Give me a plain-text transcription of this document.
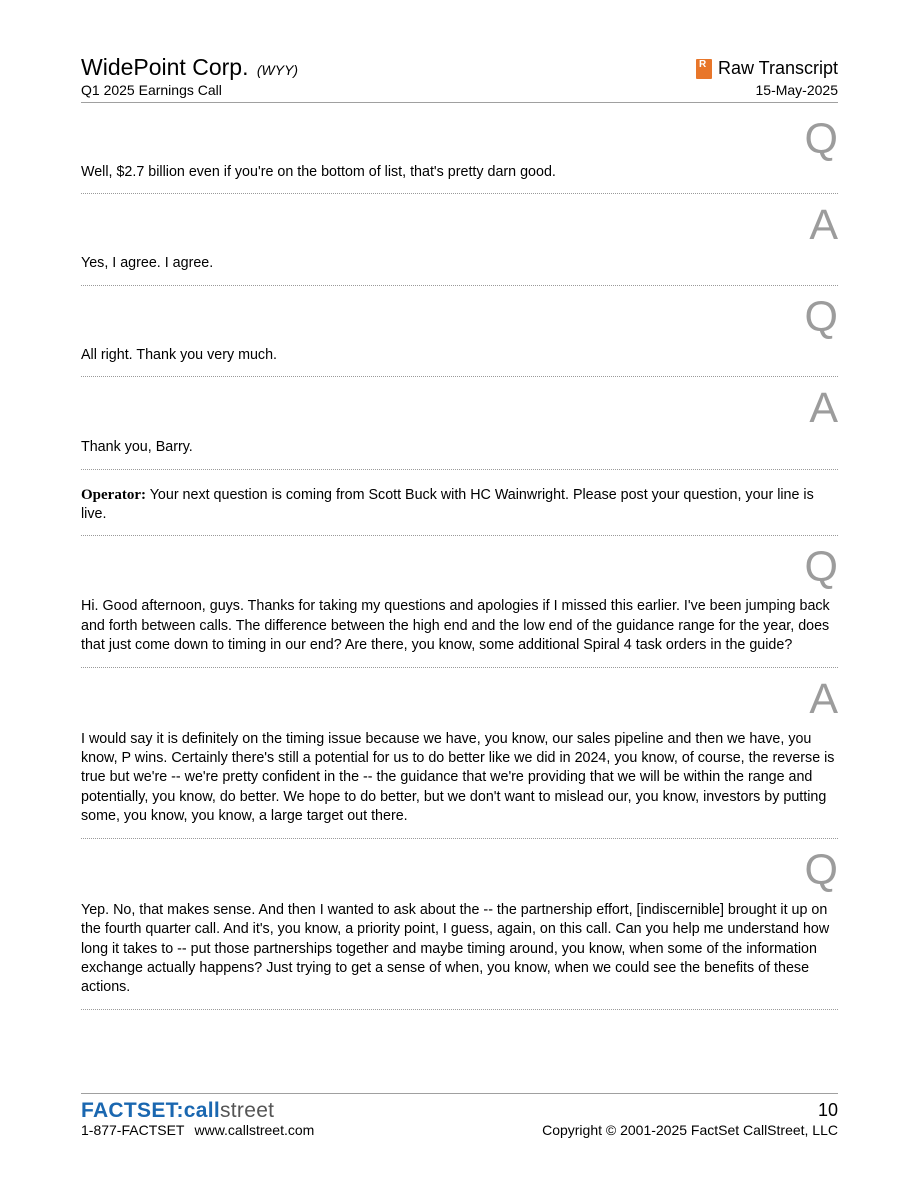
WidePoint Corp. (WYY)
Q1 2025 Earnings Call
R Raw Transcript
15-May-2025
Q

Well, $2.7 billion even if you're on the bottom of list, that's pretty darn good.

A

Yes, I agree. I agree.

Q

All right. Thank you very much.

A

Thank you, Barry.

Operator: Your next question is coming from Scott Buck with HC Wainwright. Please post your question, your line is live.

Q

Hi. Good afternoon, guys. Thanks for taking my questions and apologies if I missed this earlier. I've been jumping back and forth between calls. The difference between the high end and the low end of the guidance range for the year, does that just come down to timing in our end? Are there, you know, some additional Spiral 4 task orders in the guide?

A

I would say it is definitely on the timing issue because we have, you know, our sales pipeline and then we have, you know, P wins. Certainly there's still a potential for us to do better like we did in 2024, you know, of course, the reverse is true but we're -- we're pretty confident in the -- the guidance that we're providing that we will be within the range and potentially, you know, do better. We hope to do better, but we don't want to mislead our, you know, investors by putting some, you know, you know, a large target out there.

Q

Yep. No, that makes sense. And then I wanted to ask about the -- the partnership effort, [indiscernible] brought it up on the fourth quarter call. And it's, you know, a priority point, I guess, again, on this call. Can you help me understand how long it takes to -- put those partnerships together and maybe timing around, you know, when some of the information exchange actually happens? Just trying to get a sense of when, you know, when we could see the benefits of these actions.

FACTSET:callstreet
1-877-FACTSET www.callstreet.com
10
Copyright © 2001-2025 FactSet CallStreet, LLC
